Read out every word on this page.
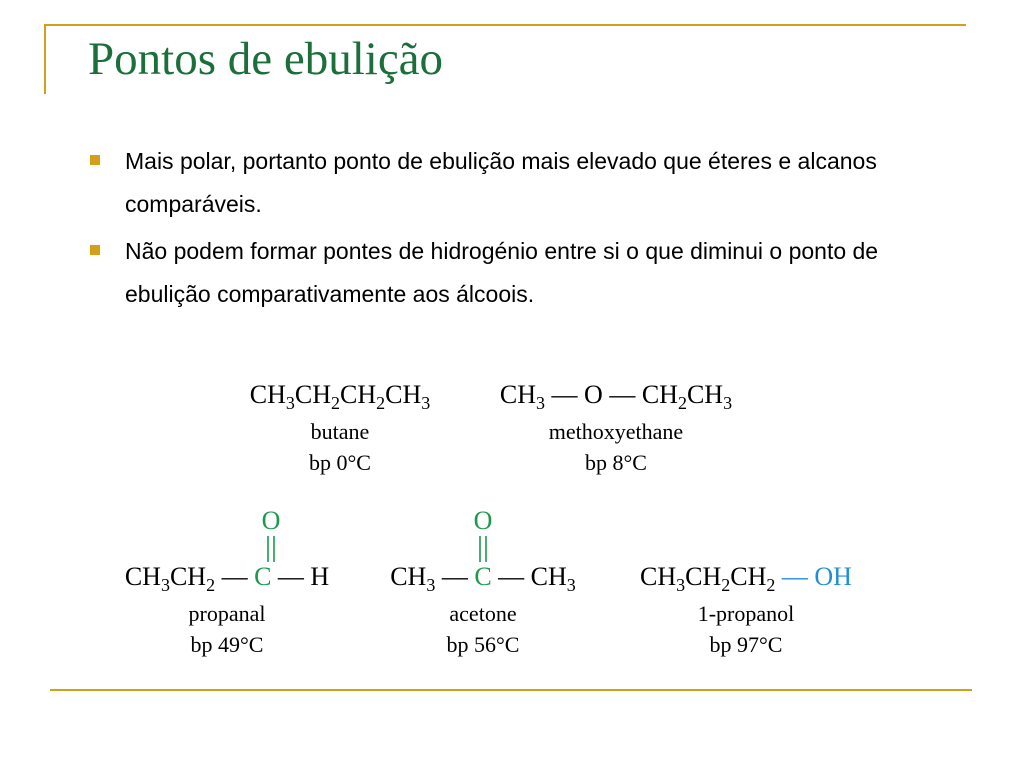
Pontos de ebulição
Mais polar, portanto ponto de ebulição mais elevado que éteres e alcanos comparáveis.
Não podem formar pontes de hidrogénio entre si o que diminui o ponto de ebulição comparativamente aos álcoois.
$CH_3CH_2CH_2CH_3$
butane
bp 0°C
$CH_3$ — O — $CH_2CH_3$
methoxyethane
bp 8°C
O
$CH_3CH_2$ — C — H
propanal
bp 49°C
O
$CH_3$ — C — $CH_3$
acetone
bp 56°C
$CH_3CH_2CH_2$ — OH
1-propanol
bp 97°C
